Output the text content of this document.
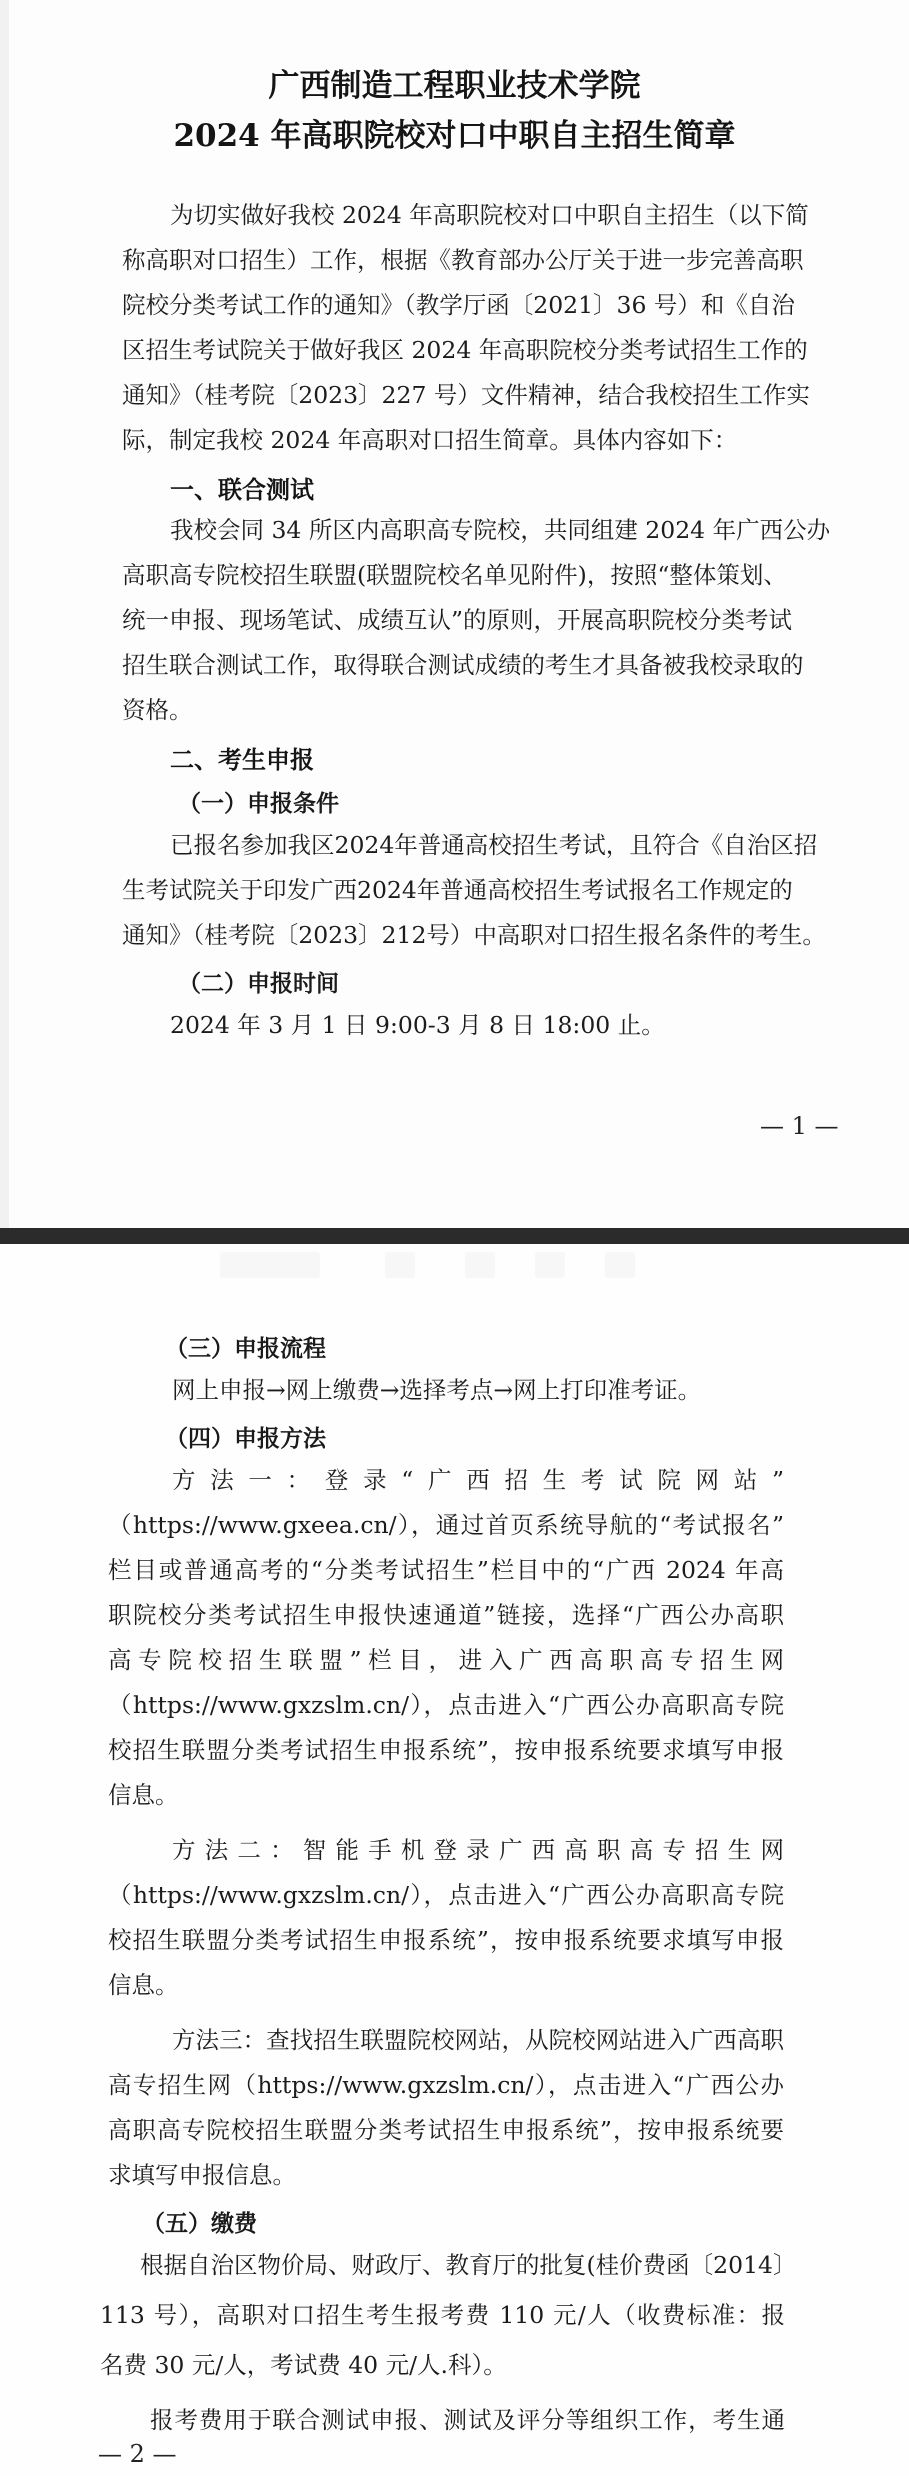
广西制造工程职业技术学院
2024 年高职院校对口中职自主招生简章
为切实做好我校 2024 年高职院校对口中职自主招生（以下简
称高职对口招生）工作，根据《教育部办公厅关于进一步完善高职
院校分类考试工作的通知》（教学厅函〔2021〕36 号）和《自治
区招生考试院关于做好我区 2024 年高职院校分类考试招生工作的
通知》（桂考院〔2023〕227 号）文件精神，结合我校招生工作实
际，制定我校 2024 年高职对口招生简章。具体内容如下：
一、联合测试
我校会同 34 所区内高职高专院校，共同组建 2024 年广西公办
高职高专院校招生联盟(联盟院校名单见附件)，按照“整体策划、
统一申报、现场笔试、成绩互认”的原则，开展高职院校分类考试
招生联合测试工作，取得联合测试成绩的考生才具备被我校录取的
资格。
二、考生申报
（一）申报条件
已报名参加我区2024年普通高校招生考试，且符合《自治区招
生考试院关于印发广西2024年普通高校招生考试报名工作规定的
通知》（桂考院〔2023〕212号）中高职对口招生报名条件的考生。
（二）申报时间
2024 年 3 月 1 日 9:00-3 月 8 日 18:00 止。
— 1 —
（三）申报流程
网上申报→网上缴费→选择考点→网上打印准考证。
（四）申报方法
方法一：登录“广西招生考试院网站”
（https://www.gxeea.cn/），通过首页系统导航的“考试报名”
栏目或普通高考的“分类考试招生”栏目中的“广西 2024 年高
职院校分类考试招生申报快速通道”链接，选择“广西公办高职
高专院校招生联盟”栏目，进入广西高职高专招生网
（https://www.gxzslm.cn/），点击进入“广西公办高职高专院
校招生联盟分类考试招生申报系统”，按申报系统要求填写申报
信息。
方法二：智能手机登录广西高职高专招生网
（https://www.gxzslm.cn/），点击进入“广西公办高职高专院
校招生联盟分类考试招生申报系统”，按申报系统要求填写申报
信息。
方法三：查找招生联盟院校网站，从院校网站进入广西高职
高专招生网（https://www.gxzslm.cn/），点击进入“广西公办
高职高专院校招生联盟分类考试招生申报系统”，按申报系统要
求填写申报信息。
（五）缴费
根据自治区物价局、财政厅、教育厅的批复(桂价费函〔2014〕
113 号），高职对口招生考生报考费 110 元/人（收费标准：报
名费 30 元/人，考试费 40 元/人.科）。
报考费用于联合测试申报、测试及评分等组织工作，考生通
— 2 —
